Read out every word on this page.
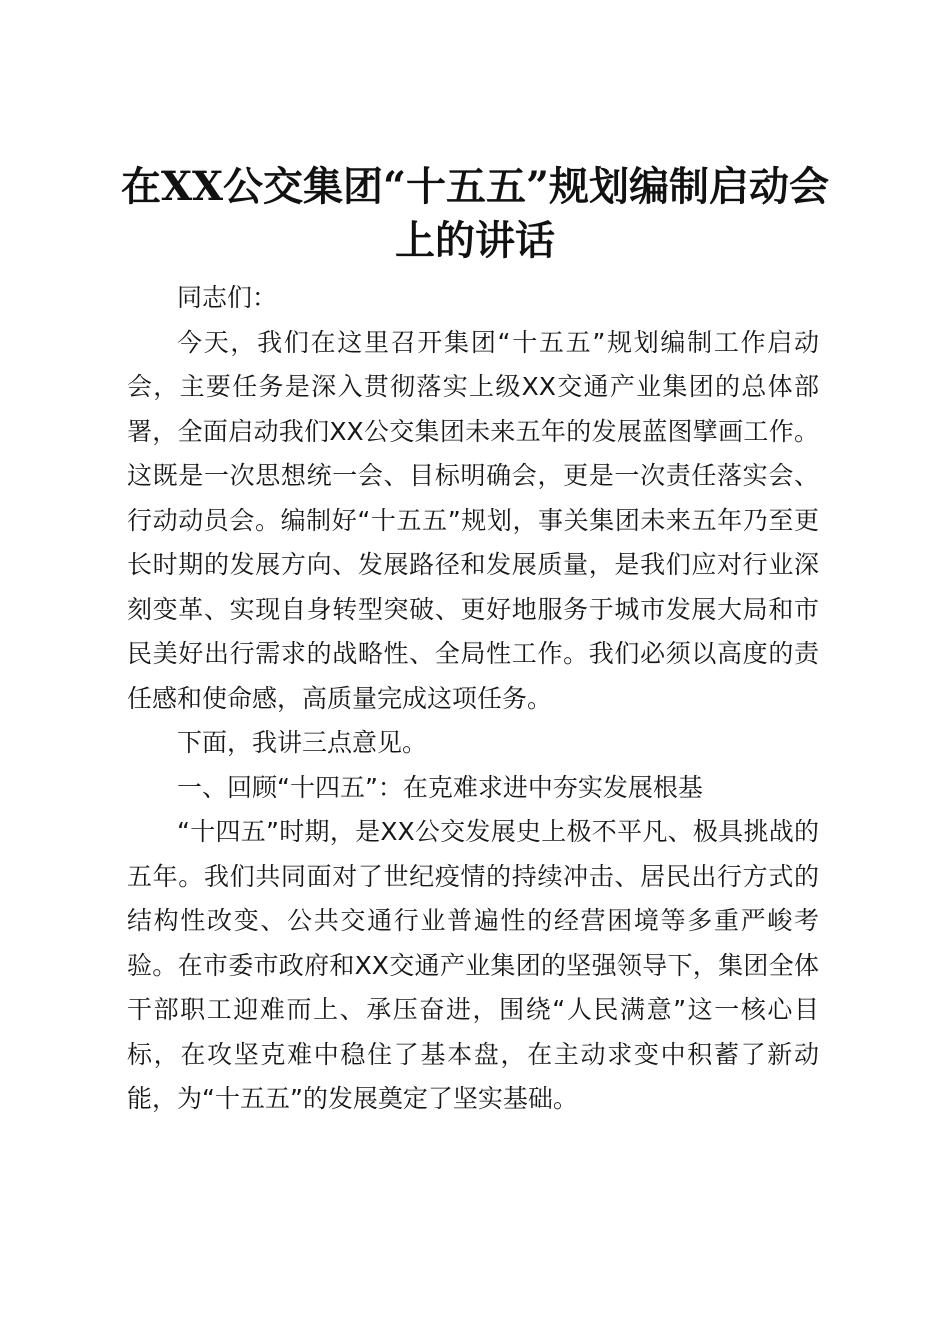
在XX公交集团“十五五”规划编制启动会上的讲话

同志们：

今天，我们在这里召开集团“十五五”规划编制工作启动会，主要任务是深入贯彻落实上级XX交通产业集团的总体部署，全面启动我们XX公交集团未来五年的发展蓝图擘画工作。这既是一次思想统一会、目标明确会，更是一次责任落实会、行动动员会。编制好“十五五”规划，事关集团未来五年乃至更长时期的发展方向、发展路径和发展质量，是我们应对行业深刻变革、实现自身转型突破、更好地服务于城市发展大局和市民美好出行需求的战略性、全局性工作。我们必须以高度的责任感和使命感，高质量完成这项任务。

下面，我讲三点意见。

一、回顾“十四五”：在克难求进中夯实发展根基

“十四五”时期，是XX公交发展史上极不平凡、极具挑战的五年。我们共同面对了世纪疫情的持续冲击、居民出行方式的结构性改变、公共交通行业普遍性的经营困境等多重严峻考验。在市委市政府和XX交通产业集团的坚强领导下，集团全体干部职工迎难而上、承压奋进，围绕“人民满意”这一核心目标，在攻坚克难中稳住了基本盘，在主动求变中积蓄了新动能，为“十五五”的发展奠定了坚实基础。
